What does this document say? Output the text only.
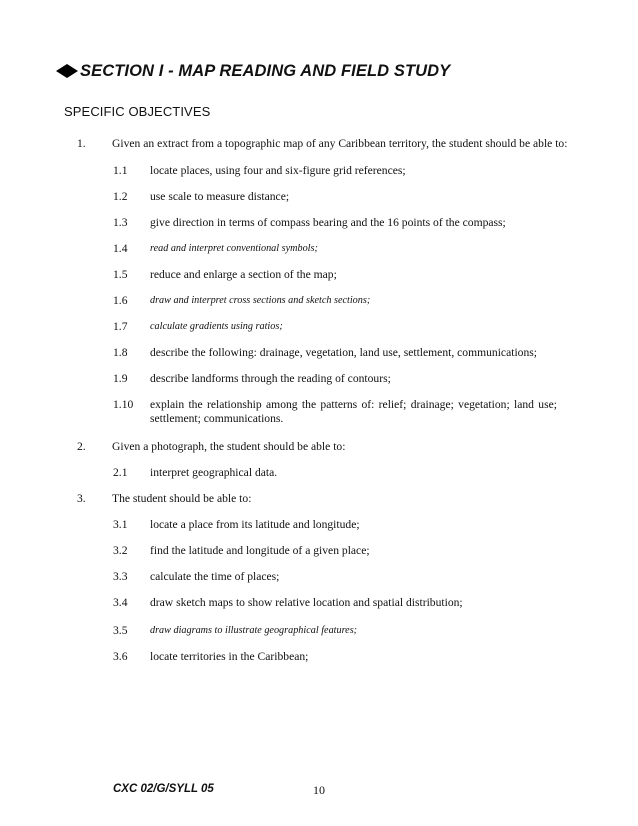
SECTION I - MAP READING AND FIELD STUDY
SPECIFIC OBJECTIVES
1. Given an extract from a topographic map of any Caribbean territory, the student should be able to:
1.1 locate places, using four and six-figure grid references;
1.2 use scale to measure distance;
1.3 give direction in terms of compass bearing and the 16 points of the compass;
1.4 read and interpret conventional symbols;
1.5 reduce and enlarge a section of the map;
1.6 draw and interpret cross sections and sketch sections;
1.7 calculate gradients using ratios;
1.8 describe the following: drainage, vegetation, land use, settlement, communications;
1.9 describe landforms through the reading of contours;
1.10 explain the relationship among the patterns of: relief; drainage; vegetation; land use;
settlement; communications.
2. Given a photograph, the student should be able to:
2.1 interpret geographical data.
3. The student should be able to:
3.1 locate a place from its latitude and longitude;
3.2 find the latitude and longitude of a given place;
3.3 calculate the time of places;
3.4 draw sketch maps to show relative location and spatial distribution;
3.5 draw diagrams to illustrate geographical features;
3.6 locate territories in the Caribbean;
CXC 02/G/SYLL 05	10
